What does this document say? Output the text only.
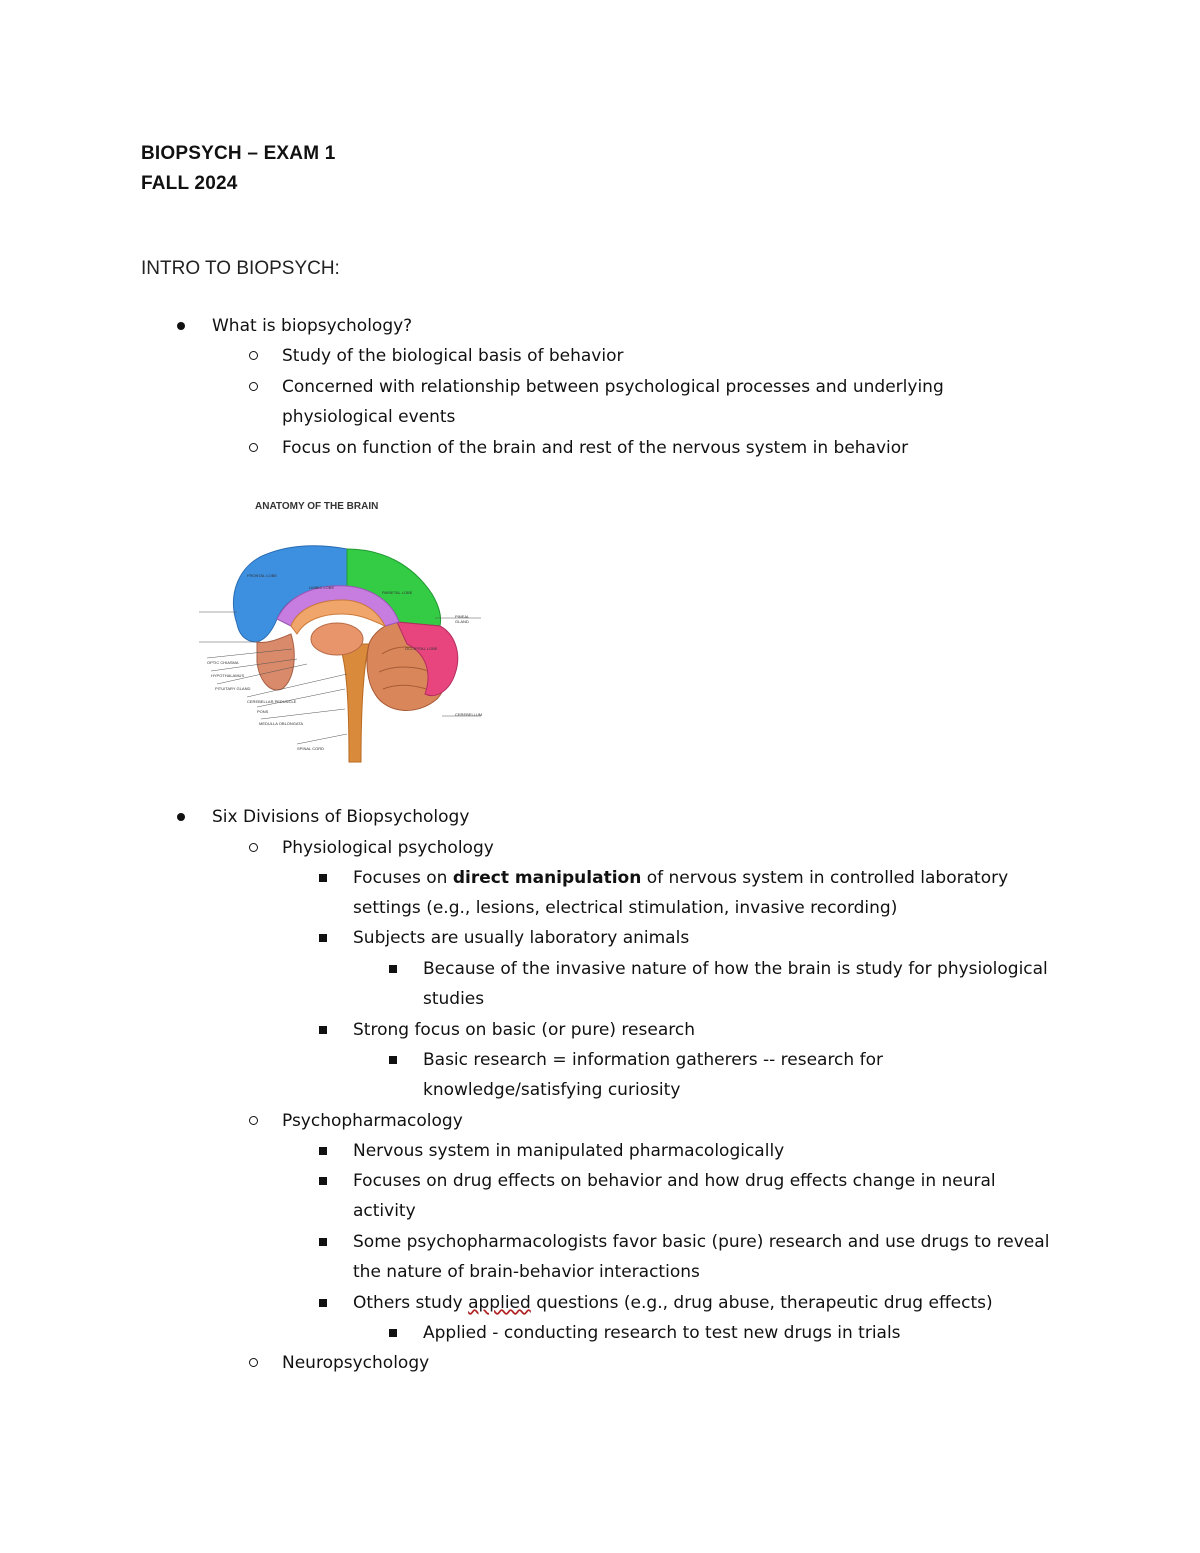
BIOPSYCH – EXAM 1
FALL 2024
INTRO TO BIOPSYCH:
What is biopsychology?
Study of the biological basis of behavior
Concerned with relationship between psychological processes and underlying
physiological events
Focus on function of the brain and rest of the nervous system in behavior
ANATOMY OF THE BRAIN
FRONTAL LOBE
LIMBIC LOBE
PARIETAL LOBE
OCCIPITAL LOBE
PINEAL GLAND
CEREBELLUM
OPTIC CHIASMA
HYPOTHALAMUS
PITUITARY GLAND
CEREBELLAR PEDUNCLE
PONS
MEDULLA OBLONGATA
SPINAL CORD
Six Divisions of Biopsychology
Physiological psychology
Focuses on direct manipulation of nervous system in controlled laboratory
settings (e.g., lesions, electrical stimulation, invasive recording)
Subjects are usually laboratory animals
Because of the invasive nature of how the brain is study for physiological
studies
Strong focus on basic (or pure) research
Basic research = information gatherers -- research for
knowledge/satisfying curiosity
Psychopharmacology
Nervous system in manipulated pharmacologically
Focuses on drug effects on behavior and how drug effects change in neural
activity
Some psychopharmacologists favor basic (pure) research and use drugs to reveal
the nature of brain-behavior interactions
Others study applied questions (e.g., drug abuse, therapeutic drug effects)
Applied - conducting research to test new drugs in trials
Neuropsychology
